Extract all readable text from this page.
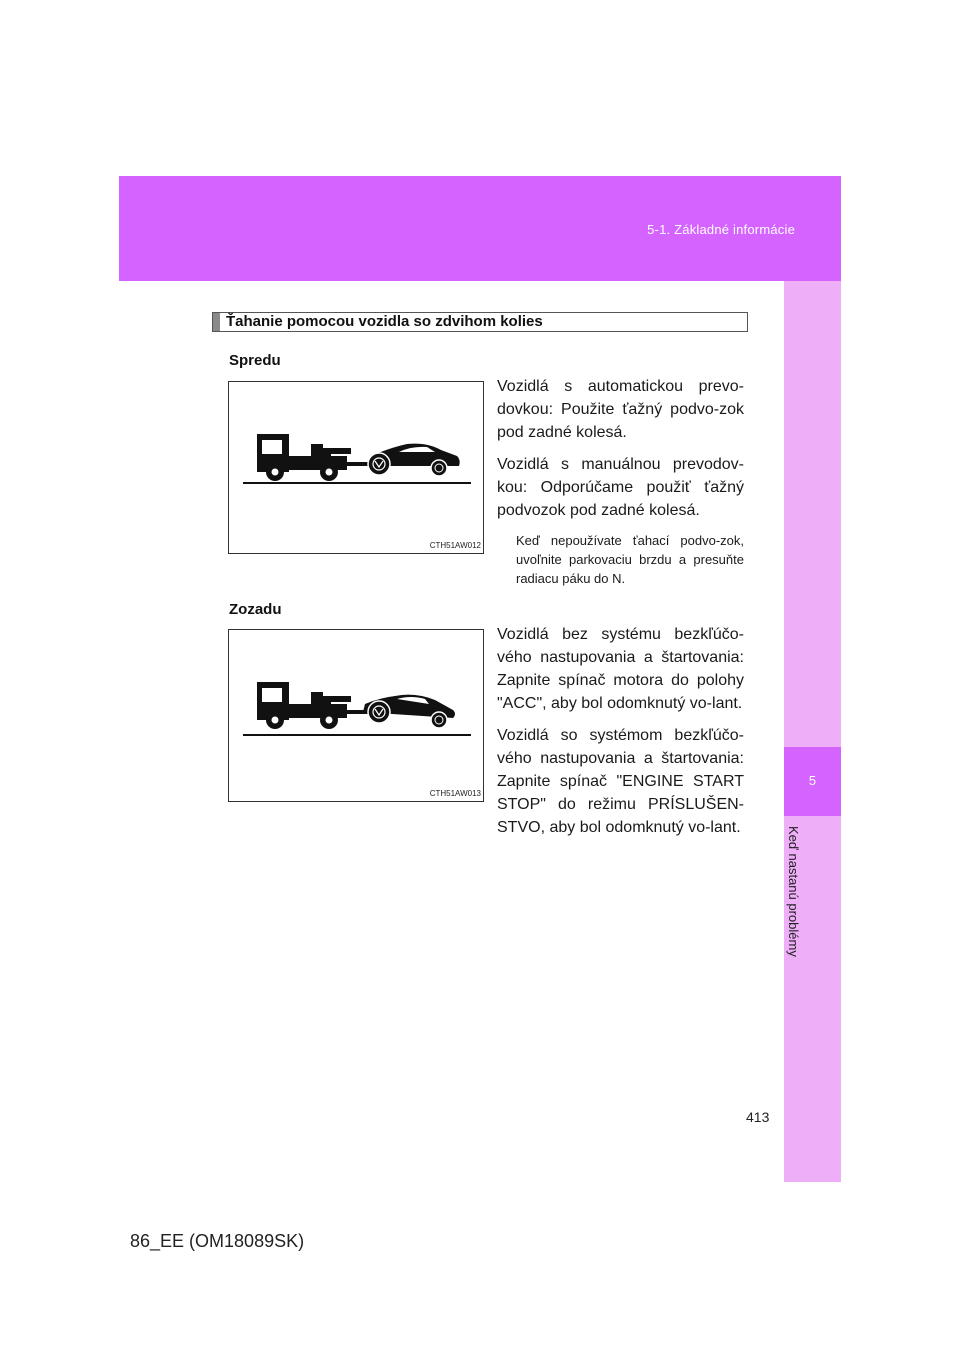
5-1. Základné informácie
5
Keď nastanú problémy
Ťahanie pomocou vozidla so zdvihom kolies
Spredu
CTH51AW012

Vozidlá s automatickou prevo-dovkou: Použite ťažný podvo-zok pod zadné kolesá.

Vozidlá s manuálnou prevodov-kou: Odporúčame použiť ťažný podvozok pod zadné kolesá.

Keď nepoužívate ťahací podvo-zok, uvoľnite parkovaciu brzdu a presuňte radiacu páku do N.

Zozadu
CTH51AW013

Vozidlá bez systému bezkľúčo-vého nastupovania a štartovania: Zapnite spínač motora do polohy "ACC", aby bol odomknutý vo-lant.

Vozidlá so systémom bezkľúčo-vého nastupovania a štartovania: Zapnite spínač "ENGINE START STOP" do režimu PRÍSLUŠEN-STVO, aby bol odomknutý vo-lant.

413
86_EE (OM18089SK)
